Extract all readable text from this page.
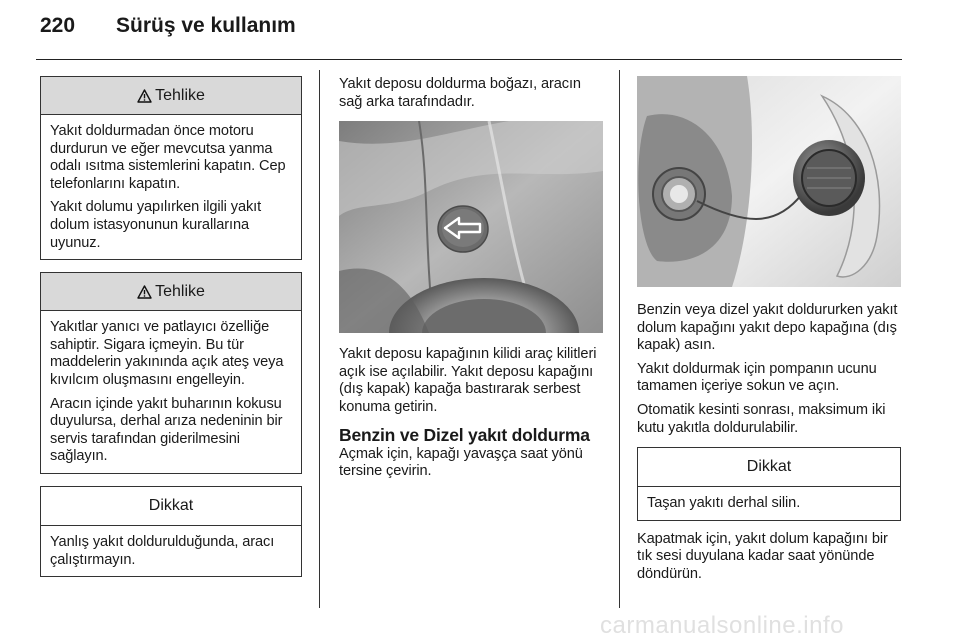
220 Sürüş ve kullanım
Tehlike

Yakıt doldurmadan önce motoru durdurun ve eğer mevcutsa yanma odalı ısıtma sistemlerini kapatın. Cep telefonlarını kapatın.

Yakıt dolumu yapılırken ilgili yakıt dolum istasyonunun kurallarına uyunuz.

Tehlike

Yakıtlar yanıcı ve patlayıcı özelliğe sahiptir. Sigara içmeyin. Bu tür maddelerin yakınında açık ateş veya kıvılcım oluşmasını engelleyin.

Aracın içinde yakıt buharının kokusu duyulursa, derhal arıza nedeninin bir servis tarafından giderilmesini sağlayın.

Dikkat

Yanlış yakıt doldurulduğunda, aracı çalıştırmayın.

Yakıt deposu doldurma boğazı, aracın sağ arka tarafındadır.

Yakıt deposu kapağının kilidi araç kilitleri açık ise açılabilir. Yakıt deposu kapağını (dış kapak) kapağa bastırarak serbest konuma getirin.

Benzin ve Dizel yakıt doldurma

Açmak için, kapağı yavaşça saat yönü tersine çevirin.

Benzin veya dizel yakıt doldururken yakıt dolum kapağını yakıt depo kapağına (dış kapak) asın.

Yakıt doldurmak için pompanın ucunu tamamen içeriye sokun ve açın.

Otomatik kesinti sonrası, maksimum iki kutu yakıtla doldurulabilir.

Dikkat

Taşan yakıtı derhal silin.

Kapatmak için, yakıt dolum kapağını bir tık sesi duyulana kadar saat yönünde döndürün.

carmanualsonline.info
